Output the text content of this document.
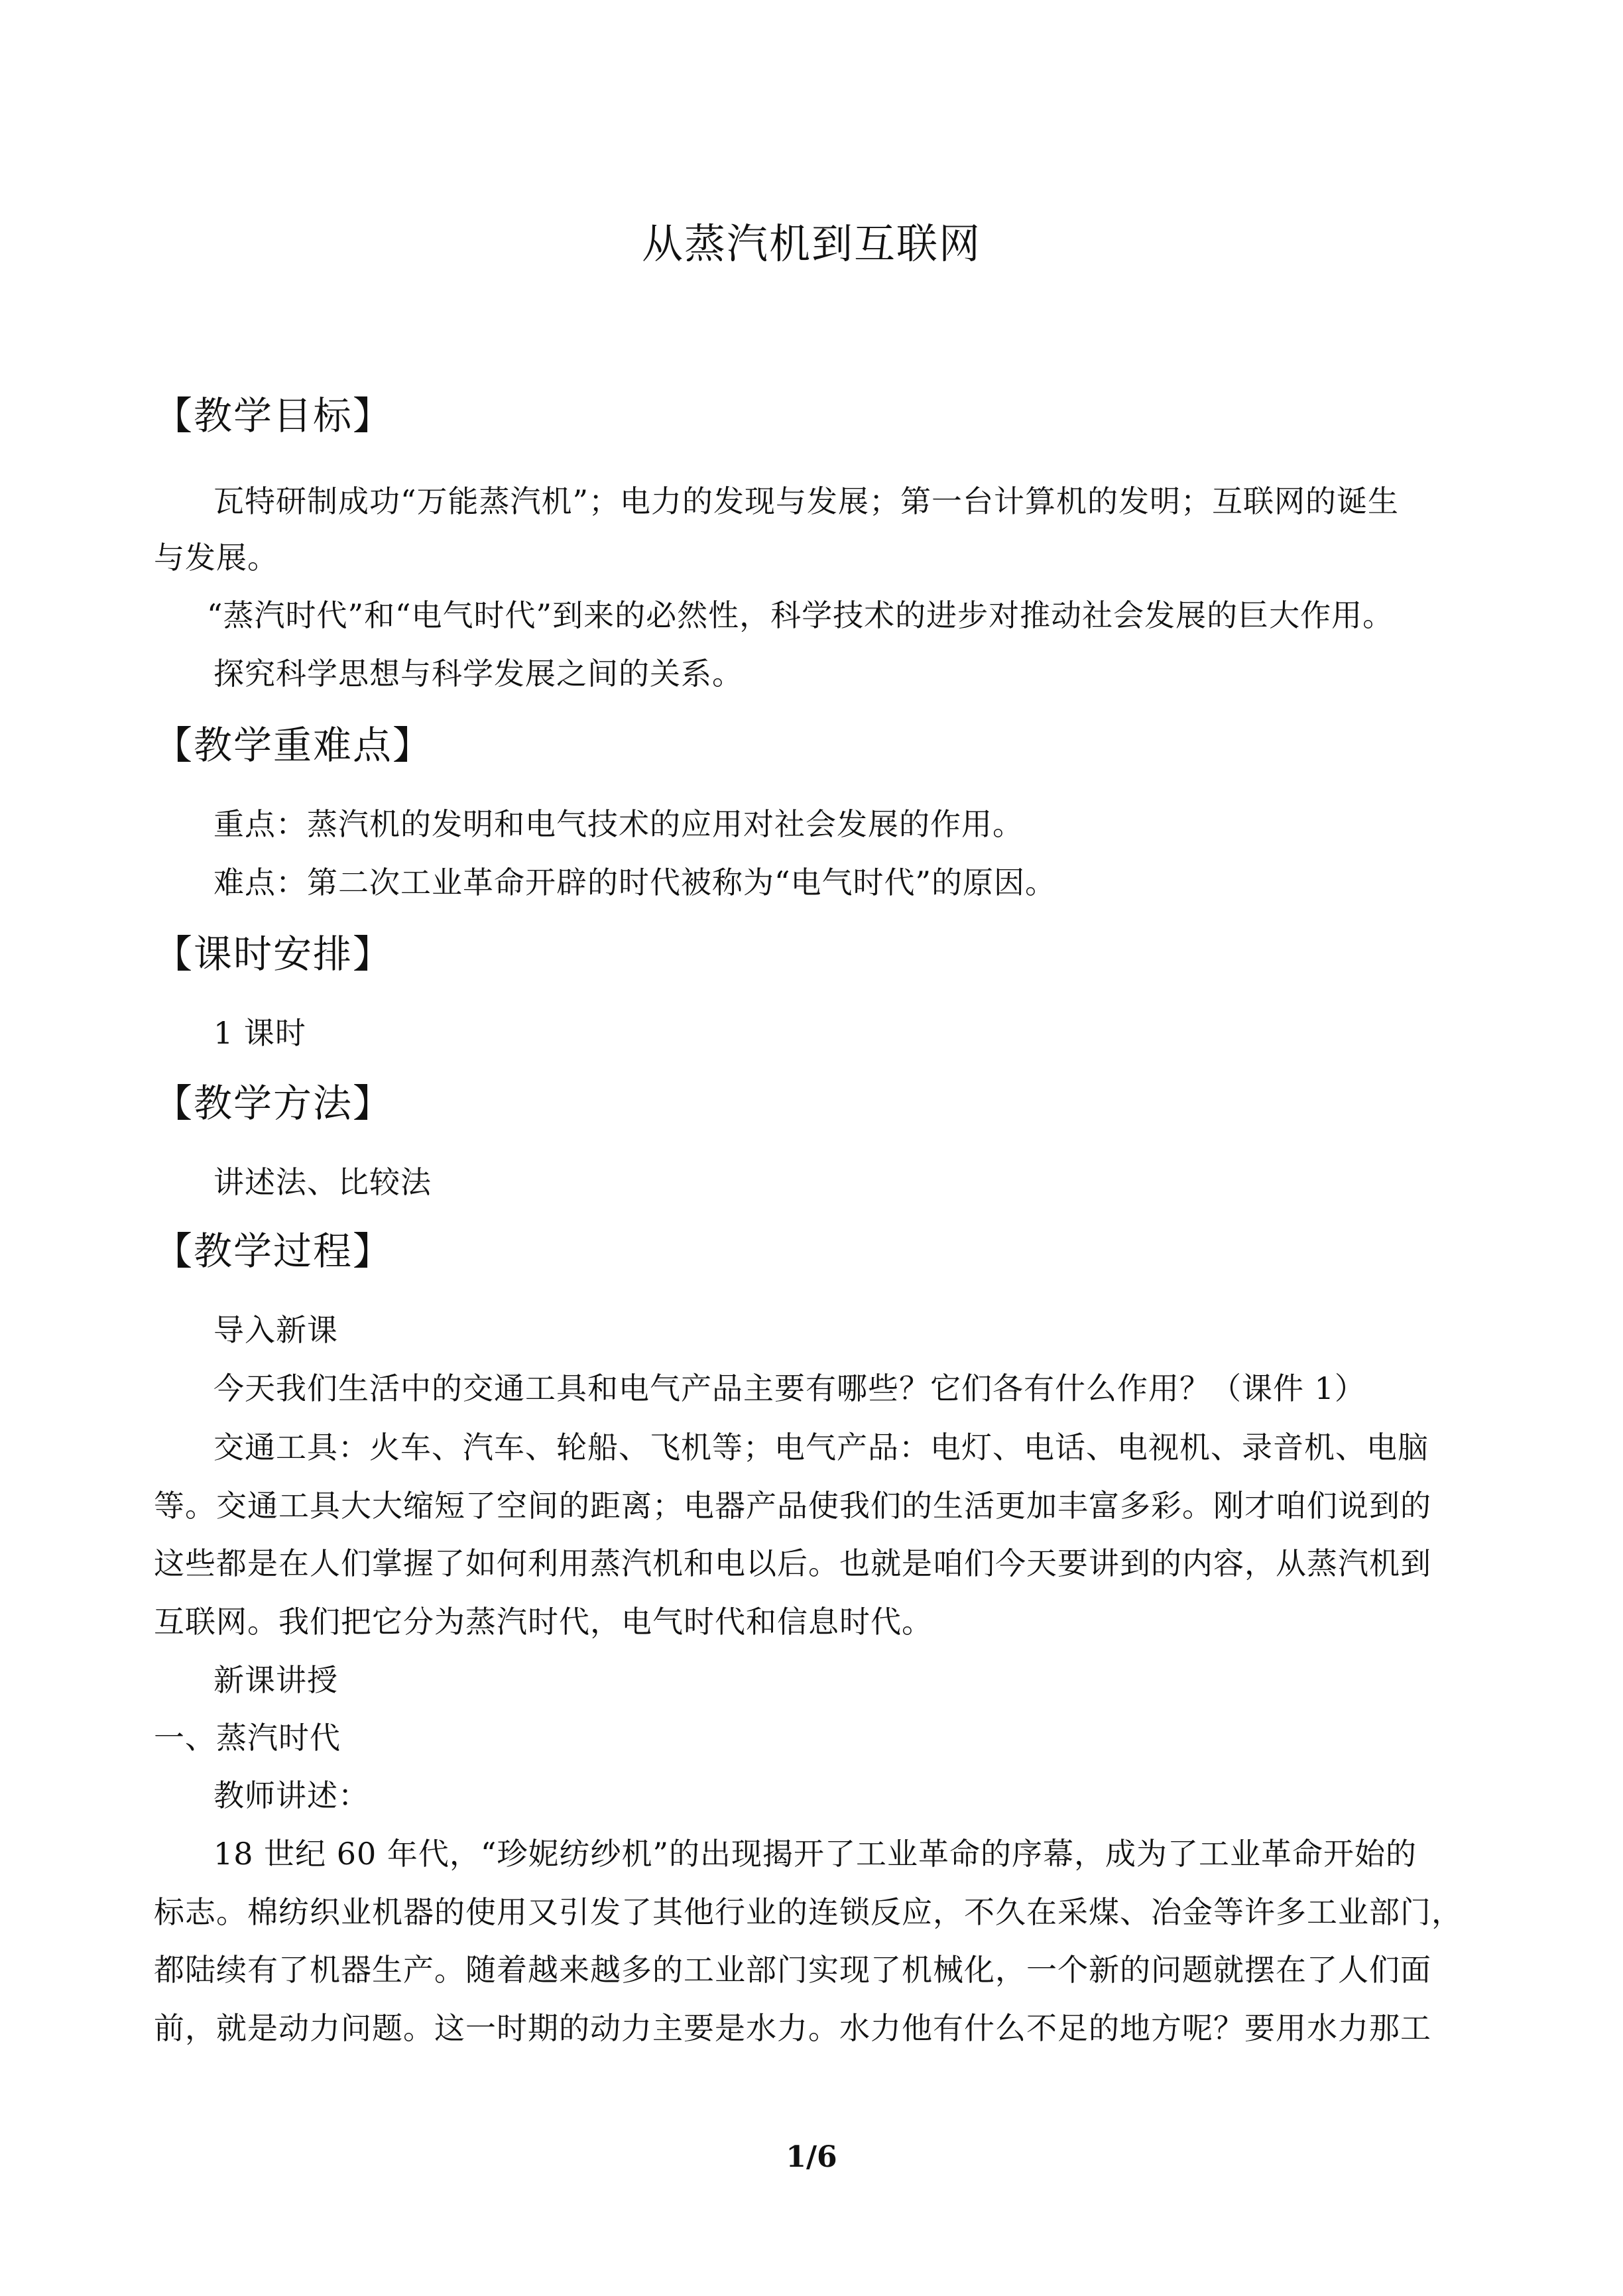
从蒸汽机到互联网
【教学目标】
瓦特研制成功“万能蒸汽机”；电力的发现与发展；第一台计算机的发明；互联网的诞生
与发展。
“蒸汽时代”和“电气时代”到来的必然性，科学技术的进步对推动社会发展的巨大作用。
探究科学思想与科学发展之间的关系。
【教学重难点】
重点：蒸汽机的发明和电气技术的应用对社会发展的作用。
难点：第二次工业革命开辟的时代被称为“电气时代”的原因。
【课时安排】
1 课时
【教学方法】
讲述法、比较法
【教学过程】
导入新课
今天我们生活中的交通工具和电气产品主要有哪些？它们各有什么作用？（课件 1）
交通工具：火车、汽车、轮船、飞机等；电气产品：电灯、电话、电视机、录音机、电脑
等。交通工具大大缩短了空间的距离；电器产品使我们的生活更加丰富多彩。刚才咱们说到的
这些都是在人们掌握了如何利用蒸汽机和电以后。也就是咱们今天要讲到的内容，从蒸汽机到
互联网。我们把它分为蒸汽时代，电气时代和信息时代。
新课讲授
一、蒸汽时代
教师讲述：
18 世纪 60 年代，“珍妮纺纱机”的出现揭开了工业革命的序幕，成为了工业革命开始的
标志。棉纺织业机器的使用又引发了其他行业的连锁反应，不久在采煤、冶金等许多工业部门，
都陆续有了机器生产。随着越来越多的工业部门实现了机械化，一个新的问题就摆在了人们面
前，就是动力问题。这一时期的动力主要是水力。水力他有什么不足的地方呢？要用水力那工
1/6
